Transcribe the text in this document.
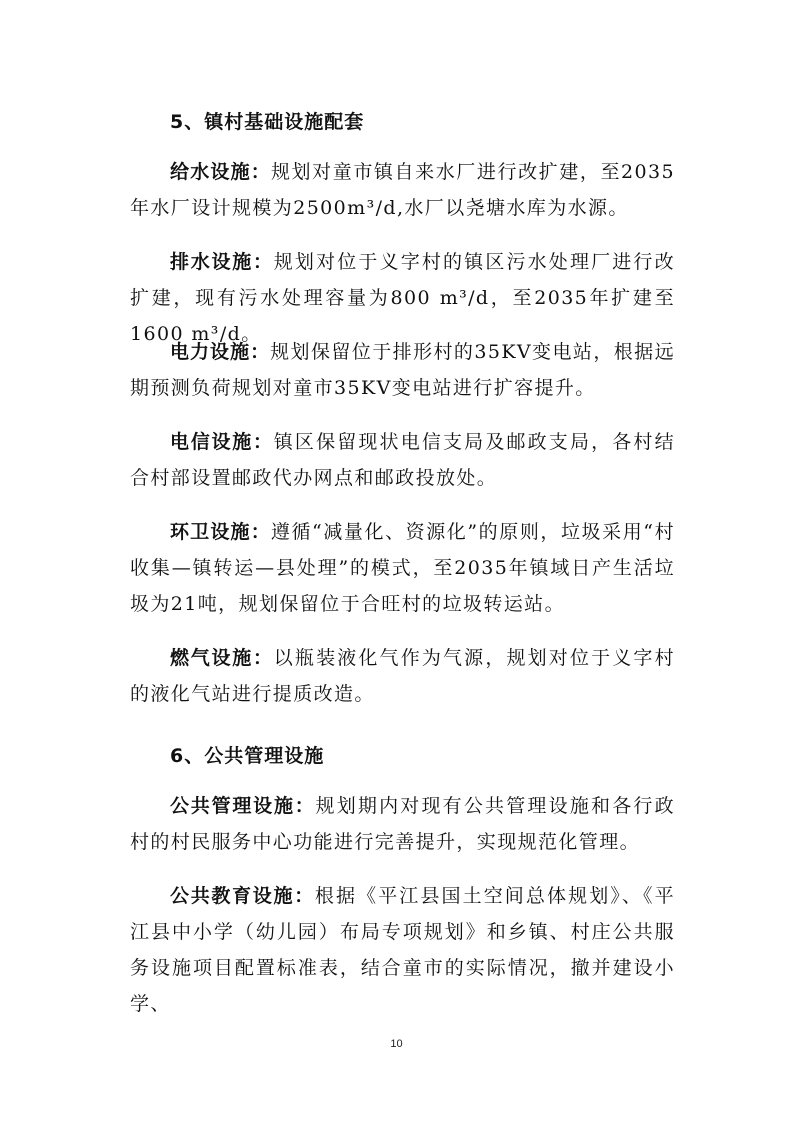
5、镇村基础设施配套

给水设施：规划对童市镇自来水厂进行改扩建，至2035年水厂设计规模为2500m³/d,水厂以尧塘水库为水源。

排水设施：规划对位于义字村的镇区污水处理厂进行改扩建，现有污水处理容量为800 m³/d，至2035年扩建至1600 m³/d。

电力设施：规划保留位于排形村的35KV变电站，根据远期预测负荷规划对童市35KV变电站进行扩容提升。

电信设施：镇区保留现状电信支局及邮政支局，各村结合村部设置邮政代办网点和邮政投放处。

环卫设施：遵循“减量化、资源化”的原则，垃圾采用“村收集—镇转运—县处理”的模式，至2035年镇域日产生活垃圾为21吨，规划保留位于合旺村的垃圾转运站。

燃气设施：以瓶装液化气作为气源，规划对位于义字村的液化气站进行提质改造。

6、公共管理设施

公共管理设施：规划期内对现有公共管理设施和各行政村的村民服务中心功能进行完善提升，实现规范化管理。

公共教育设施：根据《平江县国土空间总体规划》、《平江县中小学（幼儿园）布局专项规划》和乡镇、村庄公共服务设施项目配置标准表，结合童市的实际情况，撤并建设小学、

10
